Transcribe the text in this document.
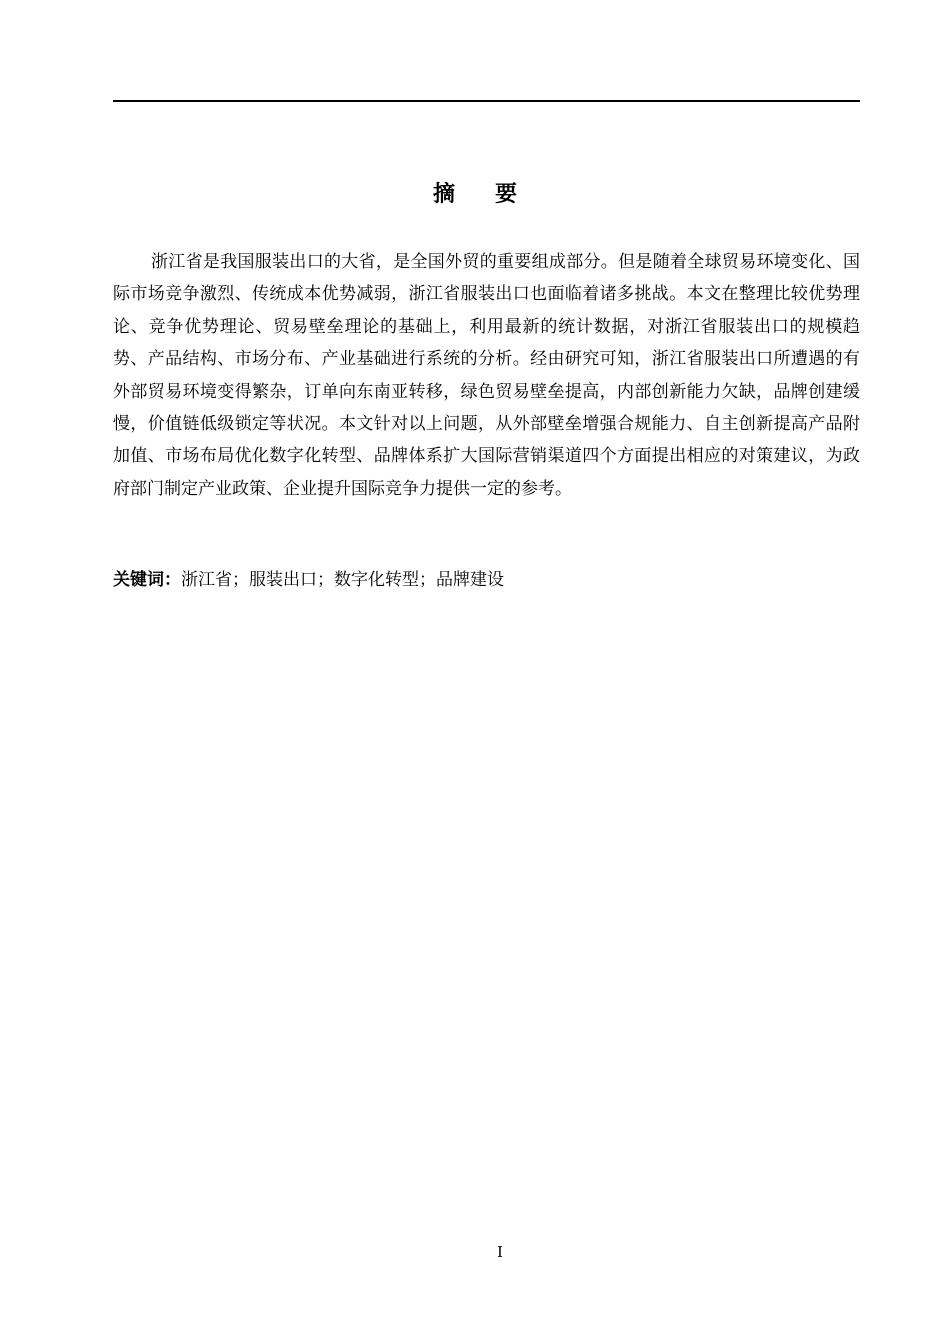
摘要

浙江省是我国服装出口的大省，是全国外贸的重要组成部分。但是随着全球贸易环境变化、国际市场竞争激烈、传统成本优势减弱，浙江省服装出口也面临着诸多挑战。本文在整理比较优势理论、竞争优势理论、贸易壁垒理论的基础上，利用最新的统计数据，对浙江省服装出口的规模趋势、产品结构、市场分布、产业基础进行系统的分析。经由研究可知，浙江省服装出口所遭遇的有外部贸易环境变得繁杂，订单向东南亚转移，绿色贸易壁垒提高，内部创新能力欠缺，品牌创建缓慢，价值链低级锁定等状况。本文针对以上问题，从外部壁垒增强合规能力、自主创新提高产品附加值、市场布局优化数字化转型、品牌体系扩大国际营销渠道四个方面提出相应的对策建议，为政府部门制定产业政策、企业提升国际竞争力提供一定的参考。

关键词：浙江省；服装出口；数字化转型；品牌建设

I
